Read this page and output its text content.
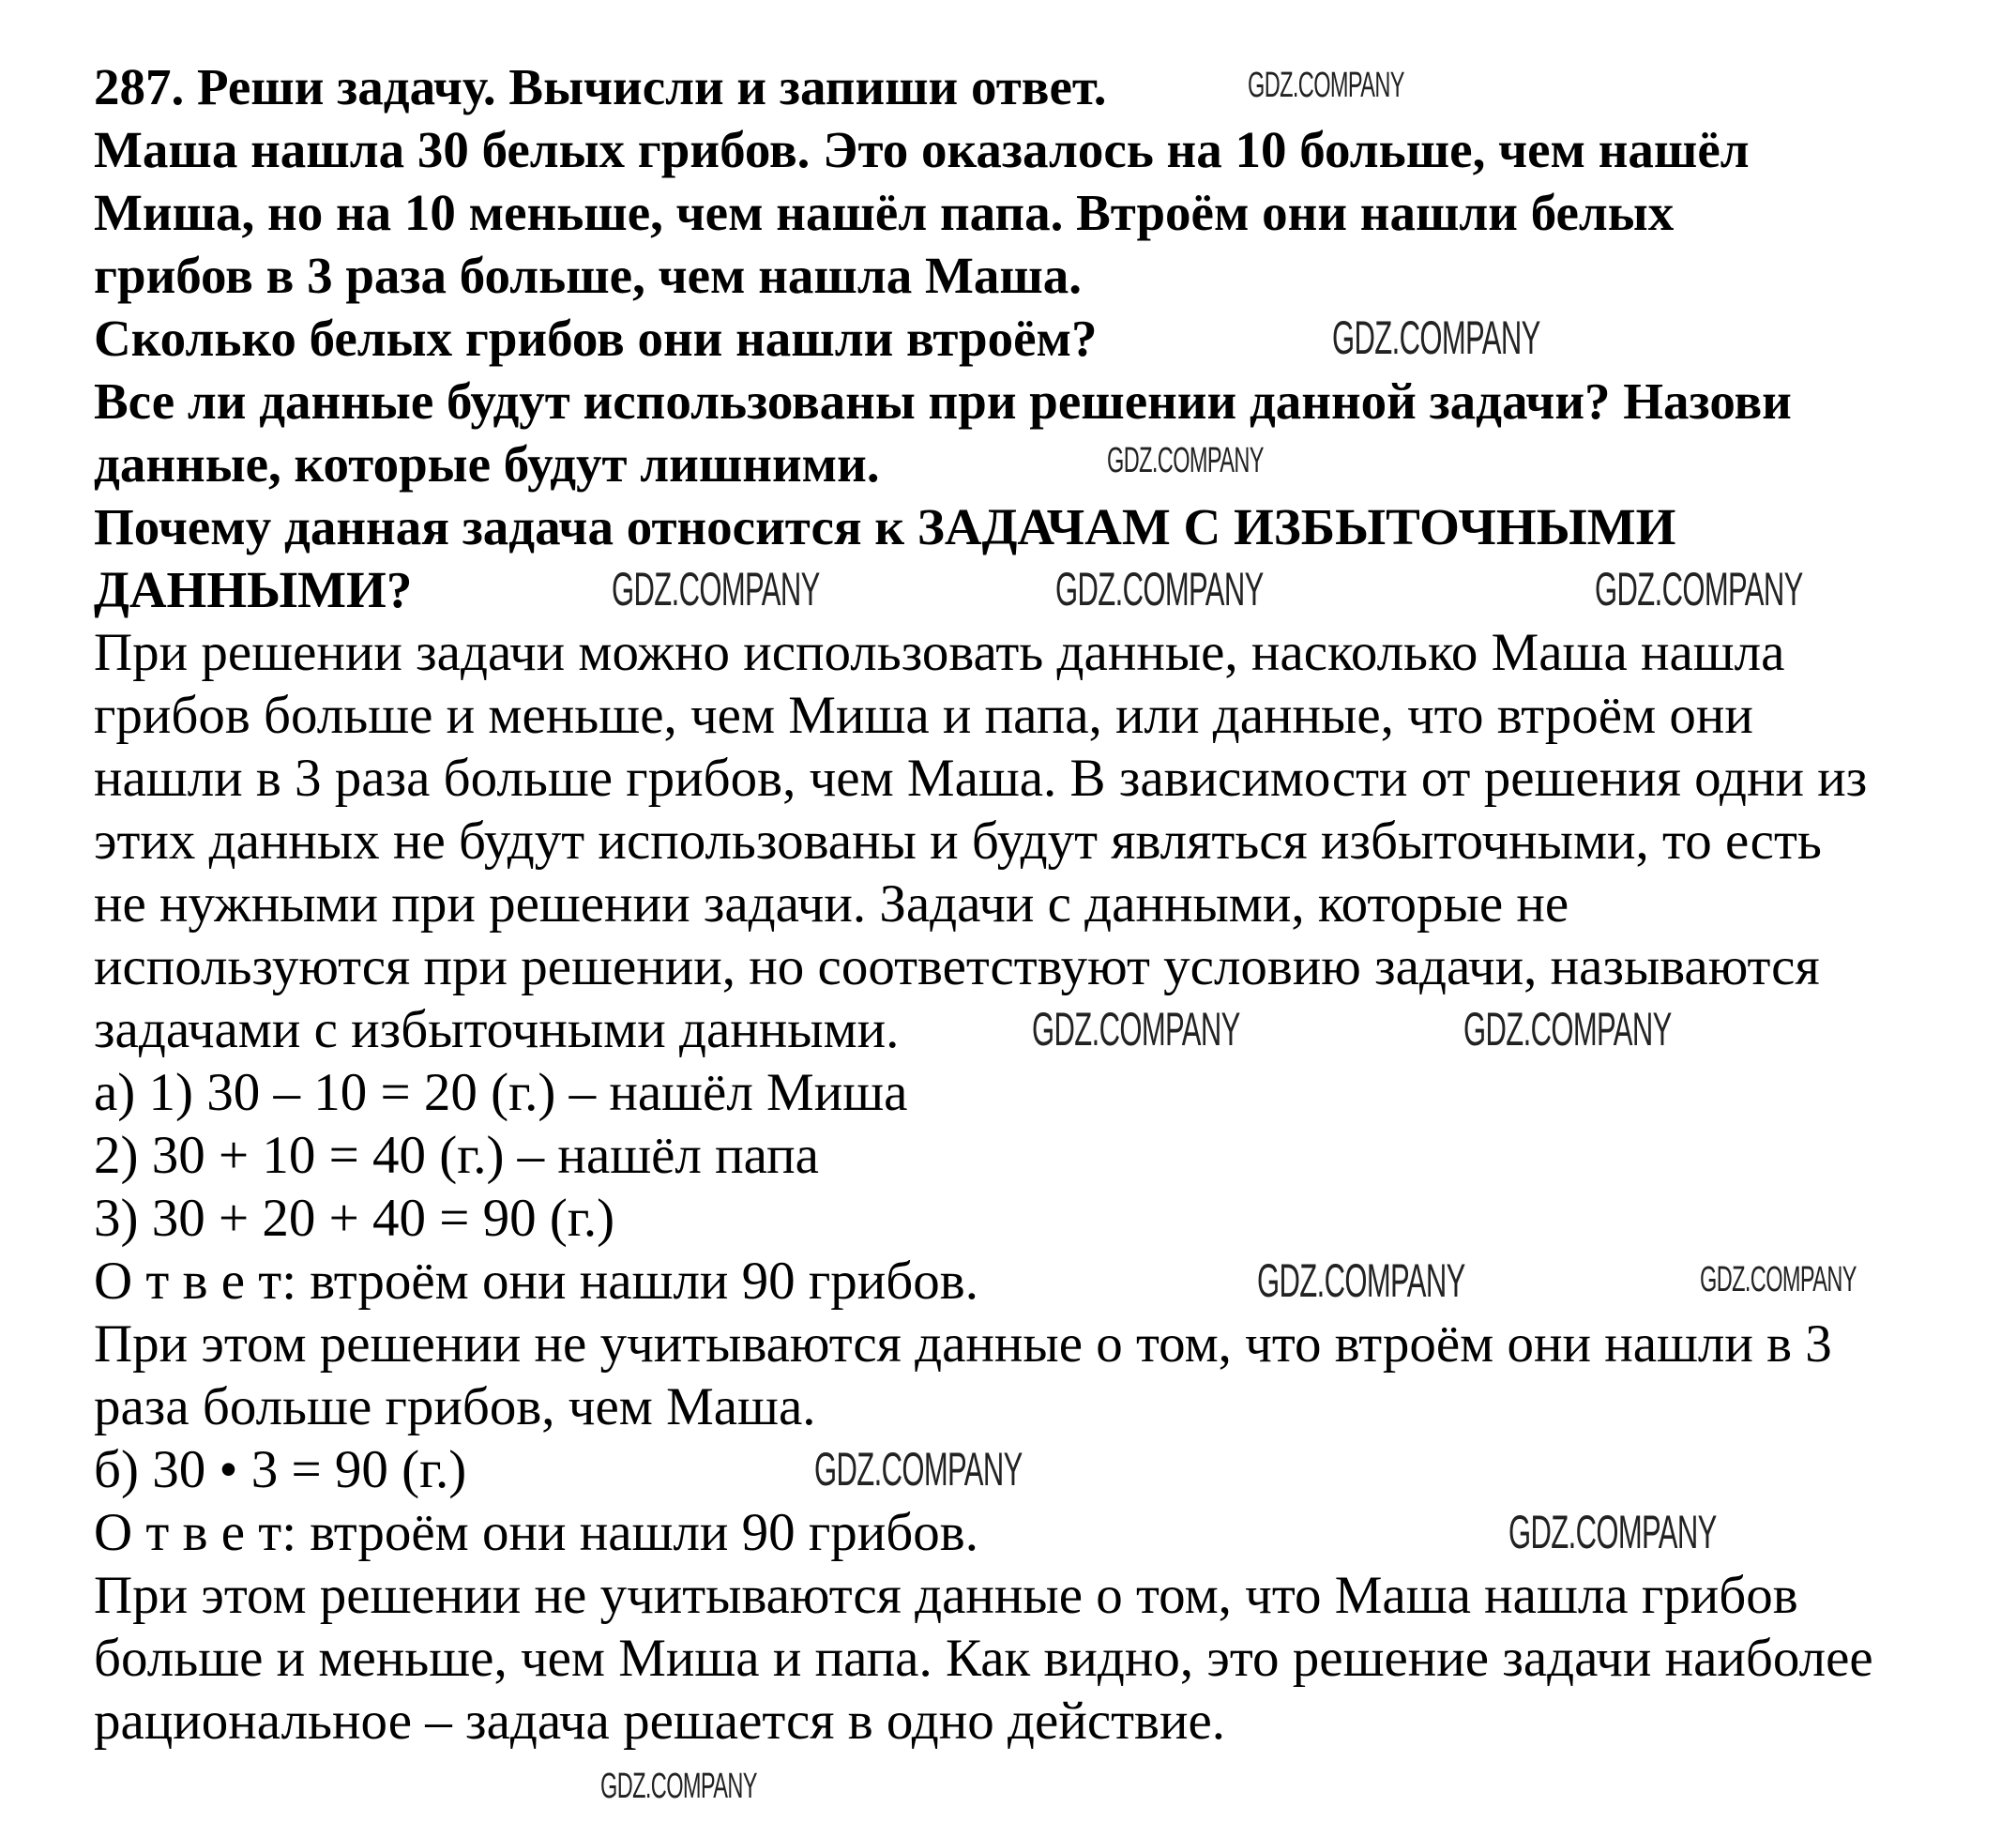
287. Реши задачу. Вычисли и запиши ответ.
Маша нашла 30 белых грибов. Это оказалось на 10 больше, чем нашёл
Миша, но на 10 меньше, чем нашёл папа. Втроём они нашли белых
грибов в 3 раза больше, чем нашла Маша.
Сколько белых грибов они нашли втроём?
Все ли данные будут использованы при решении данной задачи? Назови
данные, которые будут лишними.
Почему данная задача относится к ЗАДАЧАМ С ИЗБЫТОЧНЫМИ
ДАННЫМИ?
При решении задачи можно использовать данные, насколько Маша нашла
грибов больше и меньше, чем Миша и папа, или данные, что втроём они
нашли в 3 раза больше грибов, чем Маша. В зависимости от решения одни из
этих данных не будут использованы и будут являться избыточными, то есть
не нужными при решении задачи. Задачи с данными, которые не
используются при решении, но соответствуют условию задачи, называются
задачами с избыточными данными.
а) 1) 30 – 10 = 20 (г.) – нашёл Миша
2) 30 + 10 = 40 (г.) – нашёл папа
3) 30 + 20 + 40 = 90 (г.)
О т в е т: втроём они нашли 90 грибов.
При этом решении не учитываются данные о том, что втроём они нашли в 3
раза больше грибов, чем Маша.
б) 30 • 3 = 90 (г.)
О т в е т: втроём они нашли 90 грибов.
При этом решении не учитываются данные о том, что Маша нашла грибов
больше и меньше, чем Миша и папа. Как видно, это решение задачи наиболее
рациональное – задача решается в одно действие.
GDZ.COMPANY
GDZ.COMPANY
GDZ.COMPANY
GDZ.COMPANY	GDZ.COMPANY	GDZ.COMPANY
GDZ.COMPANY	GDZ.COMPANY
GDZ.COMPANY	GDZ.COMPANY
GDZ.COMPANY
GDZ.COMPANY
GDZ.COMPANY
